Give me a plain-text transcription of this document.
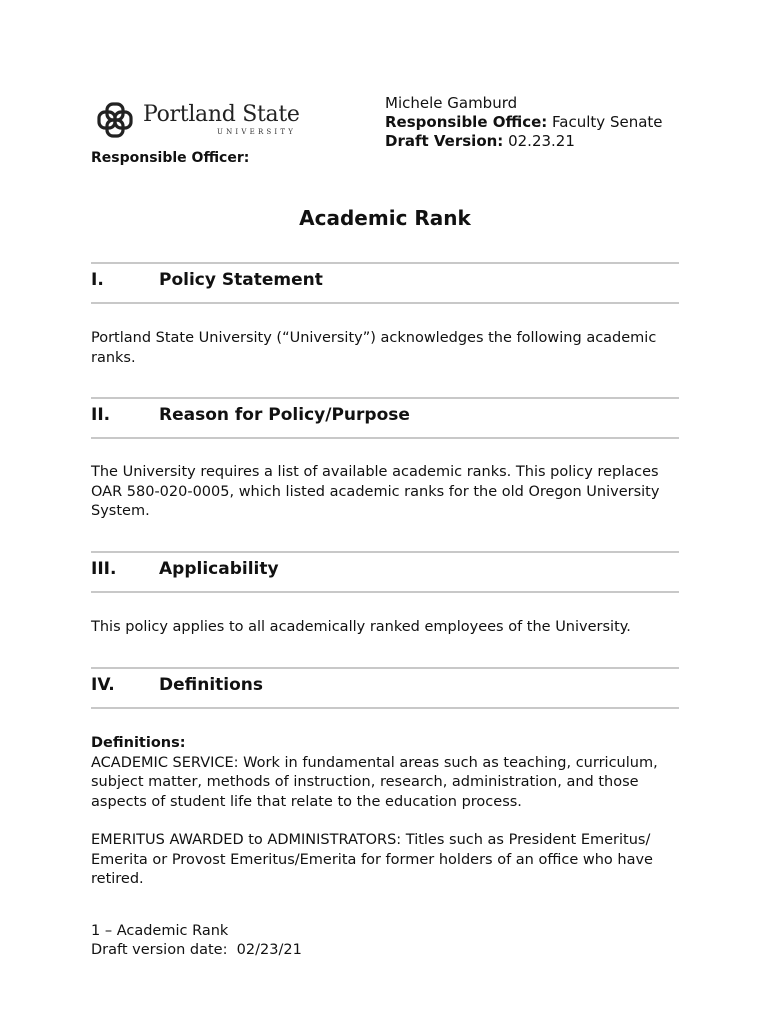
Portland State
UNIVERSITY
Michele Gamburd
Responsible Office: Faculty Senate
Draft Version: 02.23.21
Responsible Officer:
Academic Rank
I.	Policy Statement
Portland State University (“University”) acknowledges the following academic ranks.
II.	Reason for Policy/Purpose
The University requires a list of available academic ranks. This policy replaces OAR 580-020-0005, which listed academic ranks for the old Oregon University System.
III.	Applicability
This policy applies to all academically ranked employees of the University.
IV.	Definitions
Definitions:
ACADEMIC SERVICE: Work in fundamental areas such as teaching, curriculum, subject matter, methods of instruction, research, administration, and those aspects of student life that relate to the education process.
EMERITUS AWARDED to ADMINISTRATORS: Titles such as President Emeritus/ Emerita or Provost Emeritus/Emerita for former holders of an office who have retired.
1 – Academic Rank
Draft version date:  02/23/21
